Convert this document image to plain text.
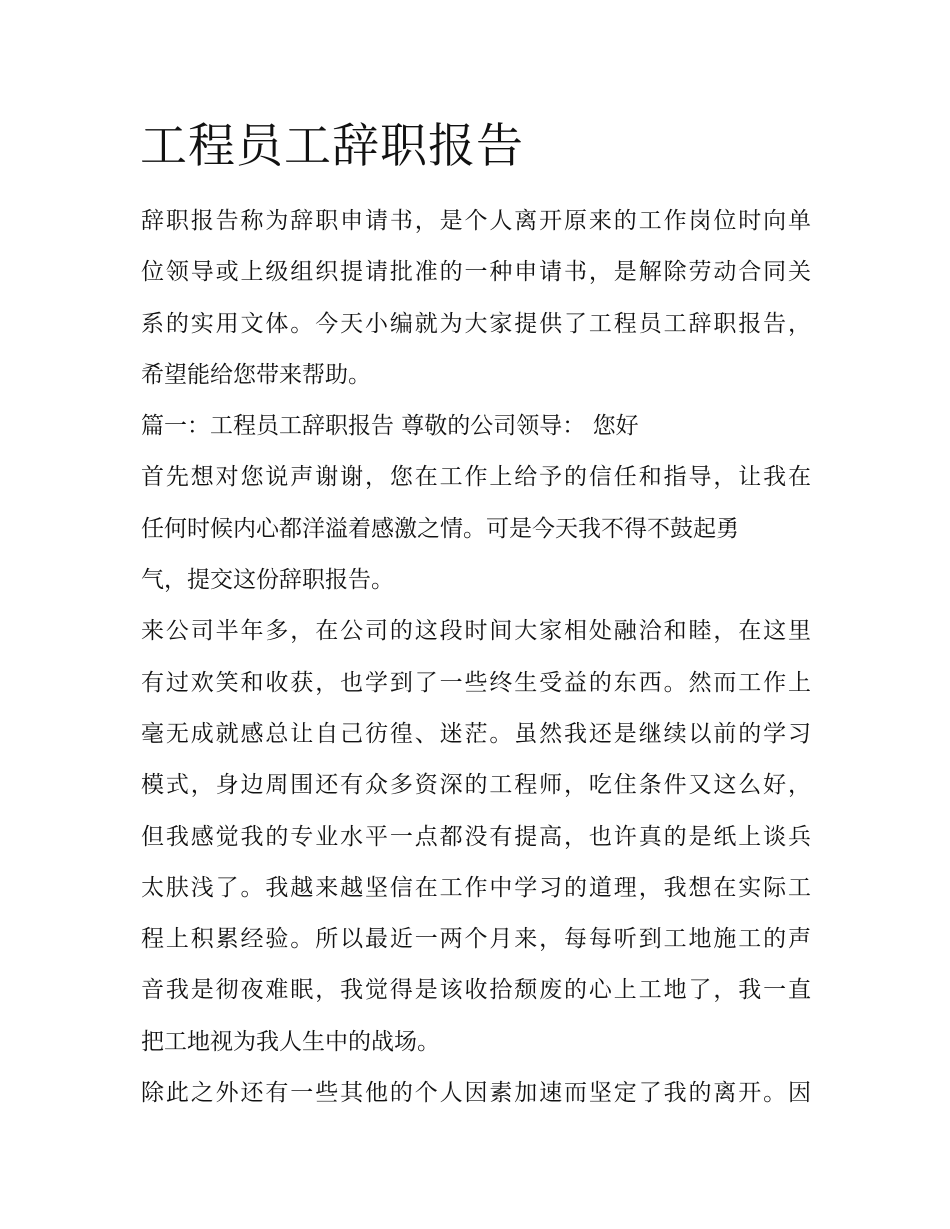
工程员工辞职报告
辞职报告称为辞职申请书，是个人离开原来的工作岗位时向单
位领导或上级组织提请批准的一种申请书，是解除劳动合同关
系的实用文体。今天小编就为大家提供了工程员工辞职报告，
希望能给您带来帮助。
篇一：工程员工辞职报告 尊敬的公司领导： 您好
首先想对您说声谢谢，您在工作上给予的信任和指导，让我在
任何时候内心都洋溢着感激之情。可是今天我不得不鼓起勇
气，提交这份辞职报告。
来公司半年多，在公司的这段时间大家相处融洽和睦，在这里
有过欢笑和收获，也学到了一些终生受益的东西。然而工作上
毫无成就感总让自己彷徨、迷茫。虽然我还是继续以前的学习
模式，身边周围还有众多资深的工程师，吃住条件又这么好，
但我感觉我的专业水平一点都没有提高，也许真的是纸上谈兵
太肤浅了。我越来越坚信在工作中学习的道理，我想在实际工
程上积累经验。所以最近一两个月来，每每听到工地施工的声
音我是彻夜难眠，我觉得是该收拾颓废的心上工地了，我一直
把工地视为我人生中的战场。
除此之外还有一些其他的个人因素加速而坚定了我的离开。因
